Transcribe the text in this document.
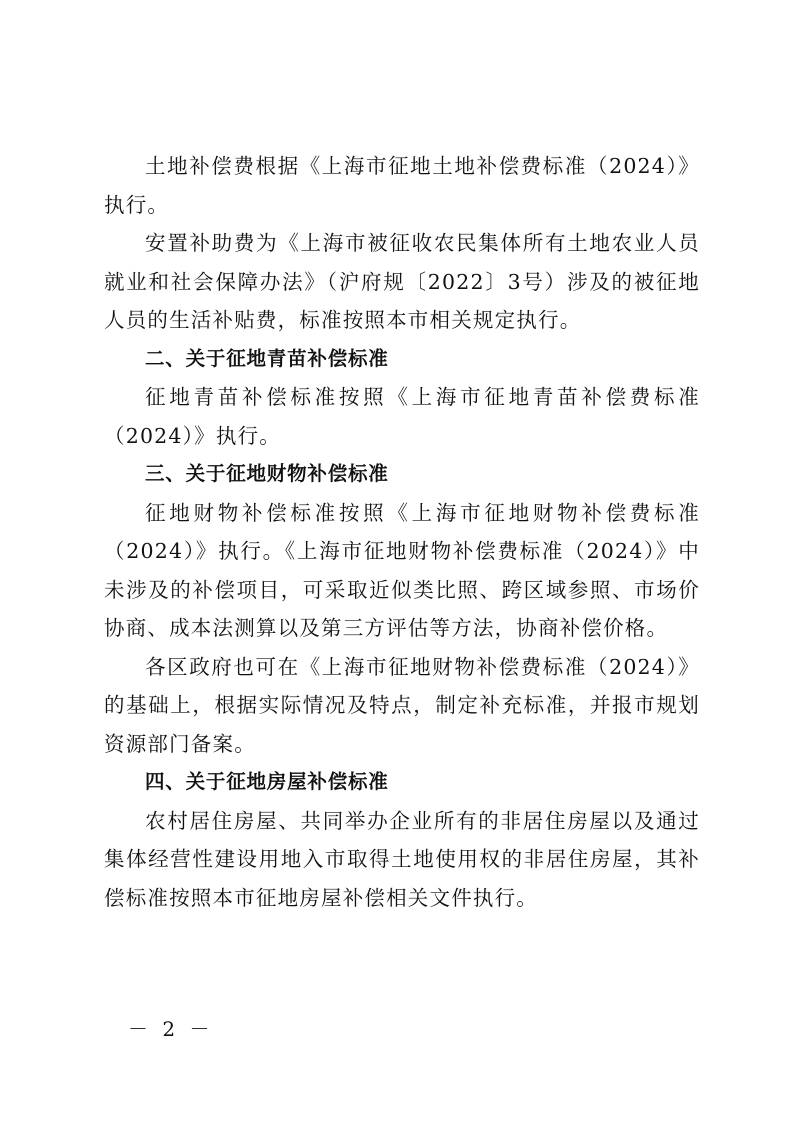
土地补偿费根据《上海市征地土地补偿费标准（2024）》执行。

安置补助费为《上海市被征收农民集体所有土地农业人员就业和社会保障办法》（沪府规〔2022〕3号）涉及的被征地人员的生活补贴费，标准按照本市相关规定执行。

二、关于征地青苗补偿标准

征地青苗补偿标准按照《上海市征地青苗补偿费标准（2024）》执行。

三、关于征地财物补偿标准

征地财物补偿标准按照《上海市征地财物补偿费标准（2024）》执行。《上海市征地财物补偿费标准（2024）》中未涉及的补偿项目，可采取近似类比照、跨区域参照、市场价协商、成本法测算以及第三方评估等方法，协商补偿价格。

各区政府也可在《上海市征地财物补偿费标准（2024）》的基础上，根据实际情况及特点，制定补充标准，并报市规划资源部门备案。

四、关于征地房屋补偿标准

农村居住房屋、共同举办企业所有的非居住房屋以及通过集体经营性建设用地入市取得土地使用权的非居住房屋，其补偿标准按照本市征地房屋补偿相关文件执行。

－ 2 －
